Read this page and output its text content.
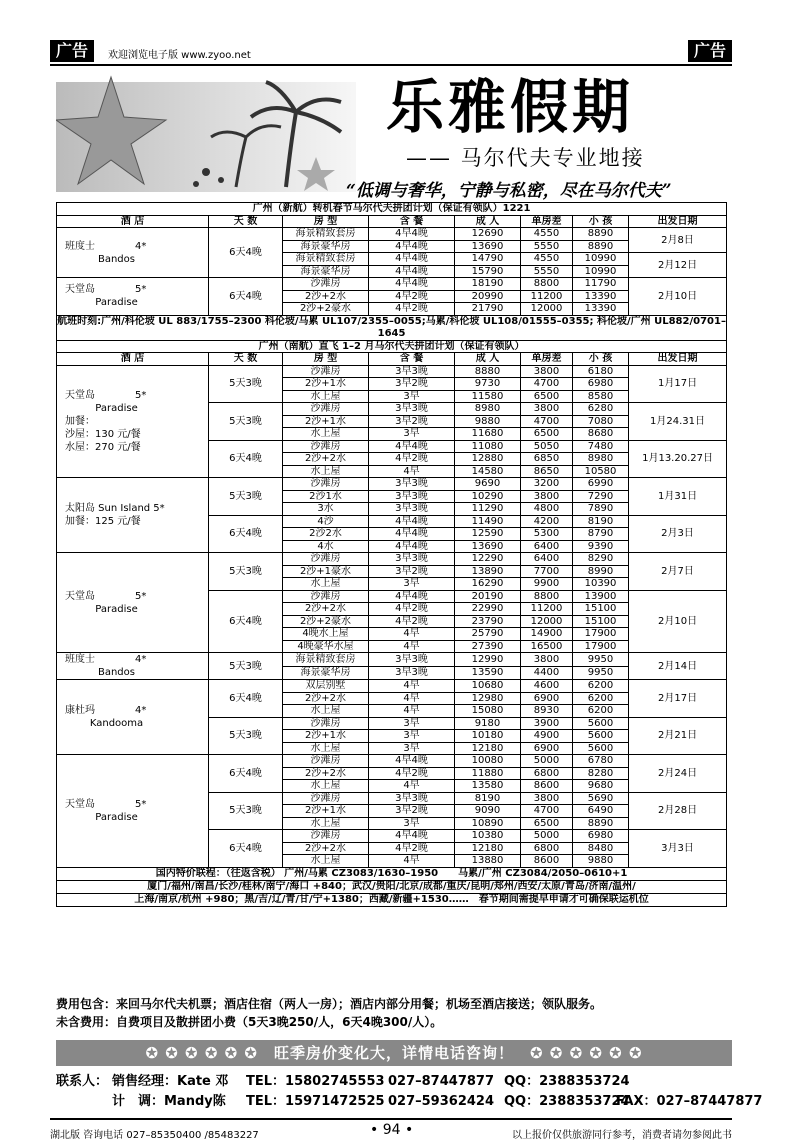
广告	欢迎浏览电子版 www.zyoo.net	广告
乐雅假期
—— 马尔代夫专业地接
“低调与奢华，宁静与私密，尽在马尔代夫”
广州（新航）转机春节马尔代夫拼团计划（保证有领队）1221							
酒 店	天 数	房 型	含 餐	成 人	单房差	小 孩	出发日期
班度士 4*

Bandos	6天4晚	海景精致套房	4早4晚	12690	4550	8890	2月8日
		海景豪华房	4早4晚	13690	5550	8890	
		海景精致套房	4早4晚	14790	4550	10990	2月12日
		海景豪华房	4早4晚	15790	5550	10990	
天堂岛 5*

Paradise	6天4晚	沙滩房	4早4晚	18190	8800	11790	2月10日
		2沙+2水	4早2晚	20990	11200	13390	
		2沙+2豪水	4早2晚	21790	12000	13390	
航班时刻:广州/科伦坡 UL 883/1755–2300 科伦坡/马累 UL107/2355–0055;马累/科伦坡 UL108/01555–0355; 科伦坡/广州 UL882/0701–1645							
广州（南航）直飞 1–2 月马尔代夫拼团计划（保证有领队）							
酒 店	天 数	房 型	含 餐	成 人	单房差	小 孩	出发日期
天堂岛 5*

Paradise
加餐：
沙屋：130 元/餐
水屋：270 元/餐	5天3晚	沙滩房	3早3晚	8880	3800	6180	1月17日
		2沙+1水	3早2晚	9730	4700	6980	
		水上屋	3早	11580	6500	8580	
	5天3晚	沙滩房	3早3晚	8980	3800	6280	1月24.31日
		2沙+1水	3早2晚	9880	4700	7080	
		水上屋	3早	11680	6500	8680	
	6天4晚	沙滩房	4早4晚	11080	5050	7480	1月13.20.27日
		2沙+2水	4早2晚	12880	6850	8980	
		水上屋	4早	14580	8650	10580	
太阳岛 Sun Island 5*
加餐：125 元/餐	5天3晚	沙滩房	3早3晚	9690	3200	6990	1月31日
		2沙1水	3早3晚	10290	3800	7290	
		3水	3早3晚	11290	4800	7890	
	6天4晚	4沙	4早4晚	11490	4200	8190	2月3日
		2沙2水	4早4晚	12590	5300	8790	
		4水	4早4晚	13690	6400	9390	
天堂岛 5*

Paradise	5天3晚	沙滩房	3早3晚	12290	6400	8290	2月7日
		2沙+1豪水	3早2晚	13890	7700	8990	
		水上屋	3早	16290	9900	10390	
	6天4晚	沙滩房	4早4晚	20190	8800	13900	2月10日
		2沙+2水	4早2晚	22990	11200	15100	
		2沙+2豪水	4早2晚	23790	12000	15100	
		4晚水上屋	4早	25790	14900	17900	
		4晚豪华水屋	4早	27390	16500	17900	
班度士 4*

Bandos	5天3晚	海景精致套房	3早3晚	12990	3800	9950	2月14日
		海景豪华房	3早3晚	13590	4400	9950	
康杜玛 4*

Kandooma	6天4晚	双层别墅	4早	10680	4600	6200	2月17日
		2沙+2水	4早	12980	6900	6200	
		水上屋	4早	15080	8930	6200	
	5天3晚	沙滩房	3早	9180	3900	5600	2月21日
		2沙+1水	3早	10180	4900	5600	
		水上屋	3早	12180	6900	5600	
天堂岛 5*

Paradise	6天4晚	沙滩房	4早4晚	10080	5000	6780	2月24日
		2沙+2水	4早2晚	11880	6800	8280	
		水上屋	4早	13580	8600	9680	
	5天3晚	沙滩房	3早3晚	8190	3800	5690	2月28日
		2沙+1水	3早2晚	9090	4700	6490	
		水上屋	3早	10890	6500	8890	
	6天4晚	沙滩房	4早4晚	10380	5000	6980	3月3日
		2沙+2水	4早2晚	12180	6800	8480	
		水上屋	4早	13880	8600	9880	
国内特价联程：（往返含税） 广州/马累 CZ3083/1630–1950　　马累/广州 CZ3084/2050–0610+1							
厦门/福州/南昌/长沙/桂林/南宁/海口 +840；武汉/贵阳/北京/成都/重庆/昆明/郑州/西安/太原/青岛/济南/温州/							
上海/南京/杭州 +980；黑/吉/辽/青/甘/宁+1380；西藏/新疆+1530……　春节期间需提早申请才可确保联运机位							
费用包含：来回马尔代夫机票；酒店住宿（两人一房）；酒店内部分用餐；机场至酒店接送；领队服务。
未含费用：自费项目及散拼团小费（5天3晚250/人，6天4晚300/人）。
✪ ✪ ✪ ✪ ✪ ✪　旺季房价变化大，详情电话咨询！　✪ ✪ ✪ ✪ ✪ ✪
联系人： 销售经理：Kate 邓 TEL：15802745553 027–87447877 QQ：2388353724
计　调：Mandy陈 TEL：15971472525 027–59362424 QQ：2388353724
FAX：027–87447877
湖北版 咨询电话 027–85350400 /85483227	• 94 •	以上报价仅供旅游同行参考，消费者请勿参阅此书
